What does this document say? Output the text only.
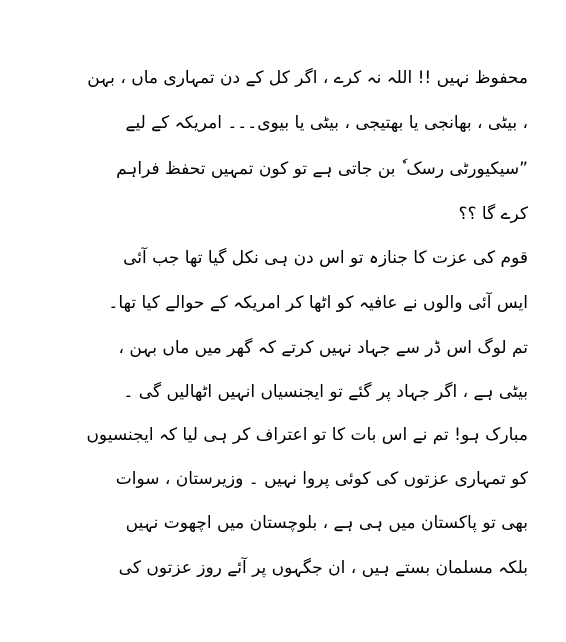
محفوظ نہیں !! اللہ نہ کرے ، اگر کل کے دن تمہاری ماں ، بہن
، بیٹی ، بھانجی یا بھتیجی ، بیٹی یا بیوی۔۔۔ امریکہ کے لیے
”سیکیورٹی رسک ٗ بن جاتی ہے تو کون تمہیں تحفظ فراہم
کرے گا ؟؟
قوم کی عزت کا جنازہ تو اس دن ہی نکل گیا تھا جب آئی
ایس آئی والوں نے عافیہ کو اٹھا کر امریکہ کے حوالے کیا تھا۔
تم لوگ اس ڈر سے جہاد نہیں کرتے کہ گھر میں ماں بہن ،
بیٹی ہے ، اگر جہاد پر گئے تو ایجنسیاں انہیں اٹھالیں گی ۔
مبارک ہو! تم نے اس بات کا تو اعتراف کر ہی لیا کہ ایجنسیوں
کو تمہاری عزتوں کی کوئی پروا نہیں ۔ وزیرستان ، سوات
بھی تو پاکستان میں ہی ہے ، بلوچستان میں اچھوت نہیں
بلکہ مسلمان بستے ہیں ، ان جگہوں پر آئے روز عزتوں کی
